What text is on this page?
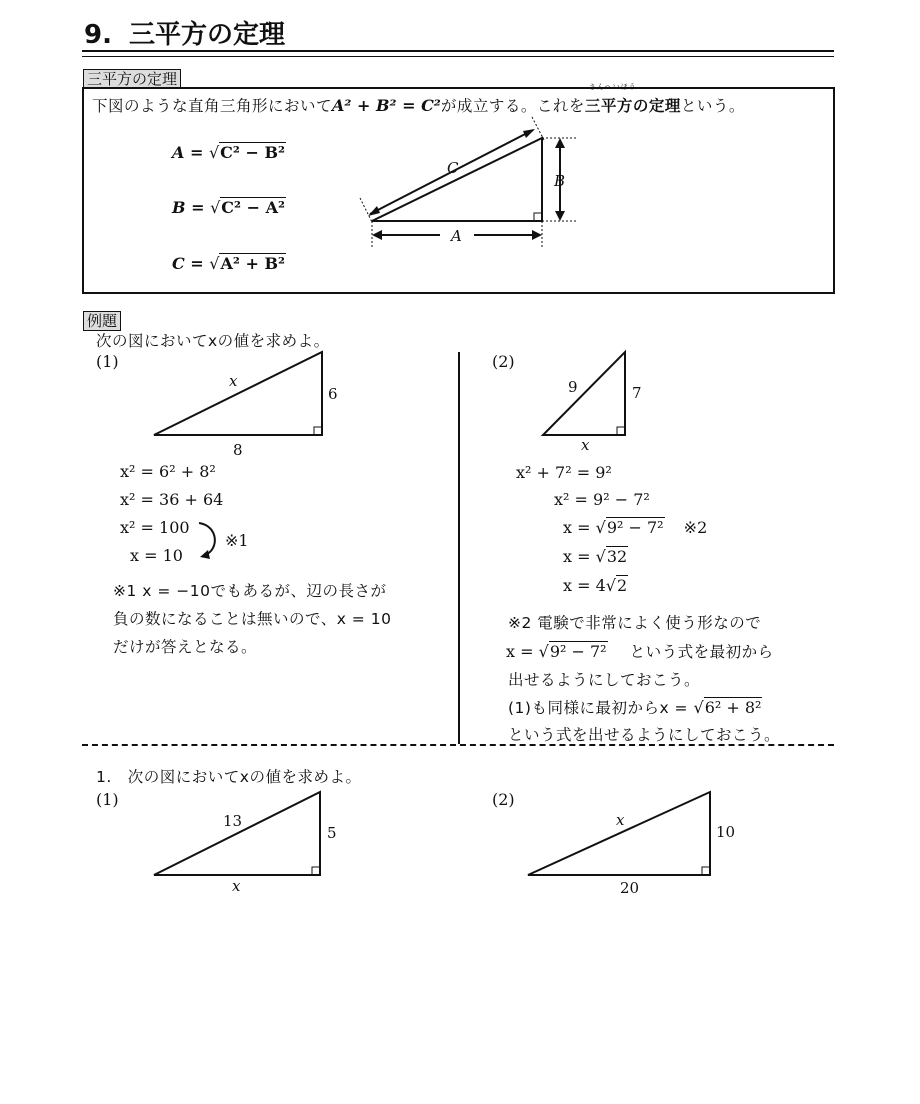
9. 三平方の定理
三平方の定理
下図のような直角三角形においてA² + B² = C²が成立する。これを
さんへいほう
三平方の定理という。
A = √C² − B²
B = √C² − A²
C = √A² + B²
C
B
A
例題
次の図においてxの値を求めよ。
(1)
x
6
8
x² = 6² + 8²
x² = 36 + 64
x² = 100
x = 10
※1
※1 x = −10でもあるが、辺の長さが
負の数になることは無いので、x = 10
だけが答えとなる。
(2)
9	7
x
x² + 7² = 9²
x² = 9² − 7²
x = √9² − 7² ※2
x = √32
x = 4√2
※2 電験で非常によく使う形なので
x = √9² − 7² という式を最初から
出せるようにしておこう。
(1)も同様に最初からx = √6² + 8²
という式を出せるようにしておこう。
1.　次の図においてxの値を求めよ。
(1)	(2)
13
5
x
x
10
20
